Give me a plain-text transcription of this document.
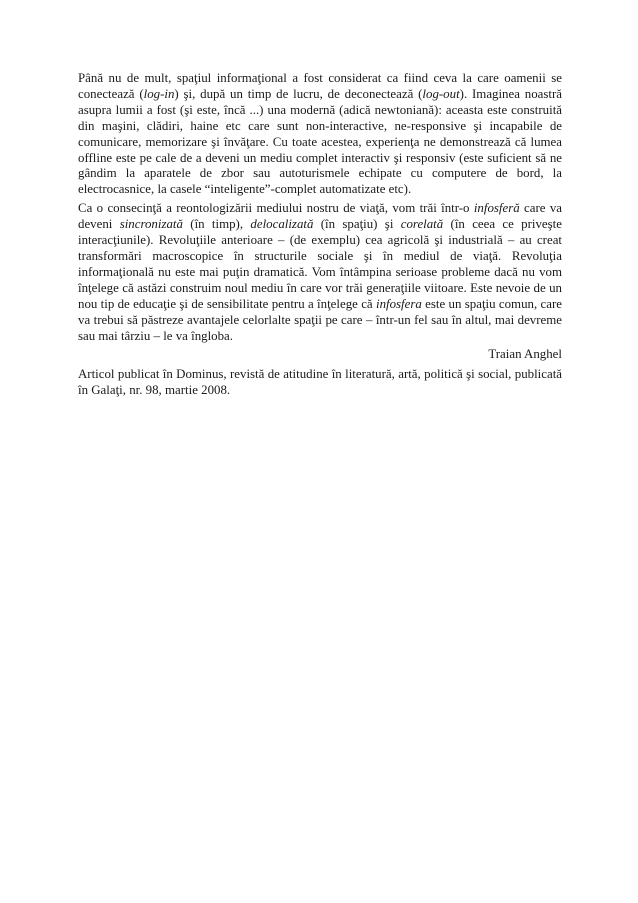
Până nu de mult, spaţiul informaţional a fost considerat ca fiind ceva la care oamenii se conectează (log-in) şi, după un timp de lucru, de deconectează (log-out). Imaginea noastră asupra lumii a fost (şi este, încă ...) una modernă (adică newtoniană): aceasta este construită din maşini, clădiri, haine etc care sunt non-interactive, ne-responsive şi incapabile de comunicare, memorizare şi învăţare. Cu toate acestea, experienţa ne demonstrează că lumea offline este pe cale de a deveni un mediu complet interactiv şi responsiv (este suficient să ne gândim la aparatele de zbor sau autoturismele echipate cu computere de bord, la electrocasnice, la casele “inteligente”-complet automatizate etc).

Ca o consecinţă a reontologizării mediului nostru de viaţă, vom trăi într-o infosferă care va deveni sincronizată (în timp), delocalizată (în spaţiu) şi corelată (în ceea ce priveşte interacţiunile). Revoluţiile anterioare – (de exemplu) cea agricolă şi industrială – au creat transformări macroscopice în structurile sociale şi în mediul de viaţă. Revoluţia informaţională nu este mai puţin dramatică. Vom întâmpina serioase probleme dacă nu vom înţelege că astăzi construim noul mediu în care vor trăi generaţiile viitoare. Este nevoie de un nou tip de educaţie şi de sensibilitate pentru a înţelege că infosfera este un spaţiu comun, care va trebui să păstreze avantajele celorlalte spaţii pe care – într-un fel sau în altul, mai devreme sau mai târziu – le va îngloba.

Traian Anghel

Articol publicat în Dominus, revistă de atitudine în literatură, artă, politică şi social, publicată în Galaţi, nr. 98, martie 2008.
